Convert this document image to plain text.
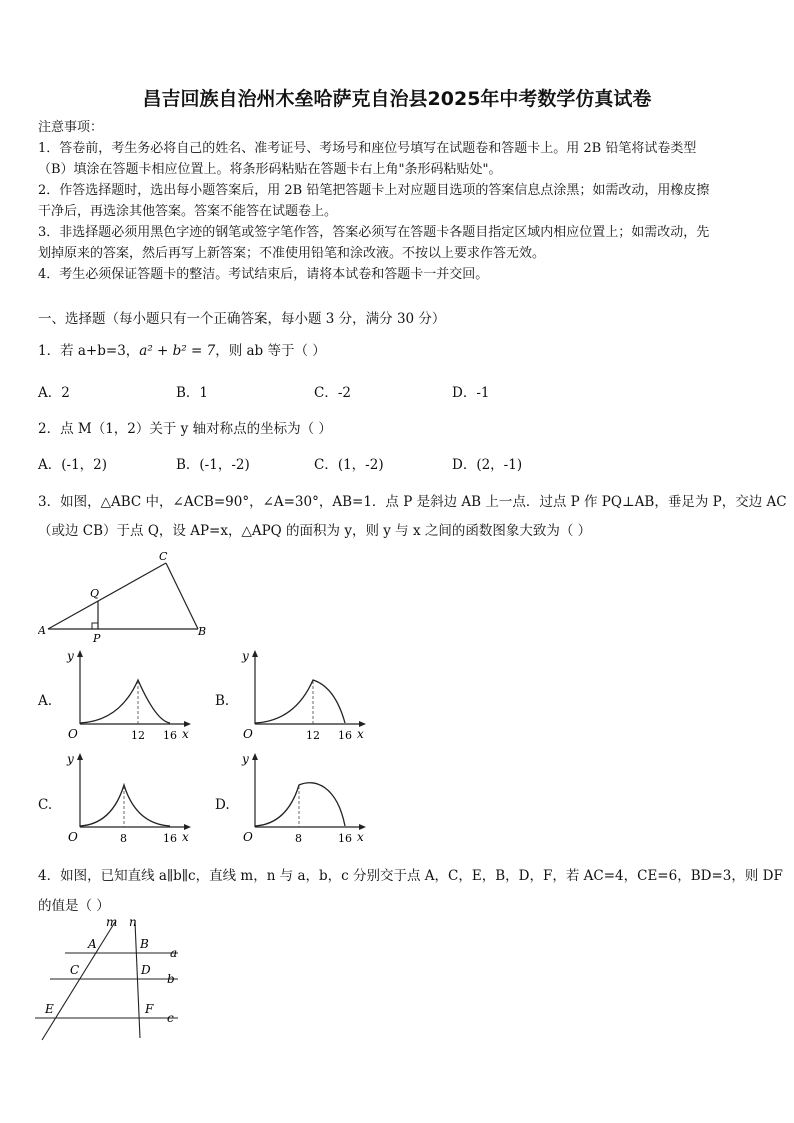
昌吉回族自治州木垒哈萨克自治县2025年中考数学仿真试卷
注意事项：
1．答卷前，考生务必将自己的姓名、准考证号、考场号和座位号填写在试题卷和答题卡上。用 2B 铅笔将试卷类型
（B）填涂在答题卡相应位置上。将条形码粘贴在答题卡右上角"条形码粘贴处"。
2．作答选择题时，选出每小题答案后，用 2B 铅笔把答题卡上对应题目选项的答案信息点涂黑；如需改动，用橡皮擦
干净后，再选涂其他答案。答案不能答在试题卷上。
3．非选择题必须用黑色字迹的钢笔或签字笔作答，答案必须写在答题卡各题目指定区域内相应位置上；如需改动，先
划掉原来的答案，然后再写上新答案；不准使用铅笔和涂改液。不按以上要求作答无效。
4．考生必须保证答题卡的整洁。考试结束后，请将本试卷和答题卡一并交回。
一、选择题（每小题只有一个正确答案，每小题 3 分，满分 30 分）
1．若 a+b=3，a² + b² = 7，则 ab 等于（ ）
A．2	B．1	C．-2	D．-1
2．点 M（1，2）关于 y 轴对称点的坐标为（ ）
A．(-1，2)	B．(-1，-2)	C．(1，-2)	D．(2，-1)
3．如图，△ABC 中，∠ACB=90°，∠A=30°，AB=1．点 P 是斜边 AB 上一点．过点 P 作 PQ⊥AB，垂足为 P，交边 AC
（或边 CB）于点 Q，设 AP=x，△APQ 的面积为 y，则 y 与 x 之间的函数图象大致为（ ）
A	B
C
P
Q
A.	B.
C.	D.
y
O	12 16 x
y
O	12 16 x
y
O	8	16 x
y
O	8	16 x
4．如图，已知直线 a∥b∥c，直线 m，n 与 a，b，c 分别交于点 A，C，E，B，D，F，若 AC=4，CE=6，BD=3，则 DF
的值是（ ）
m n
A	B
C	D
E	F
a
b
c
